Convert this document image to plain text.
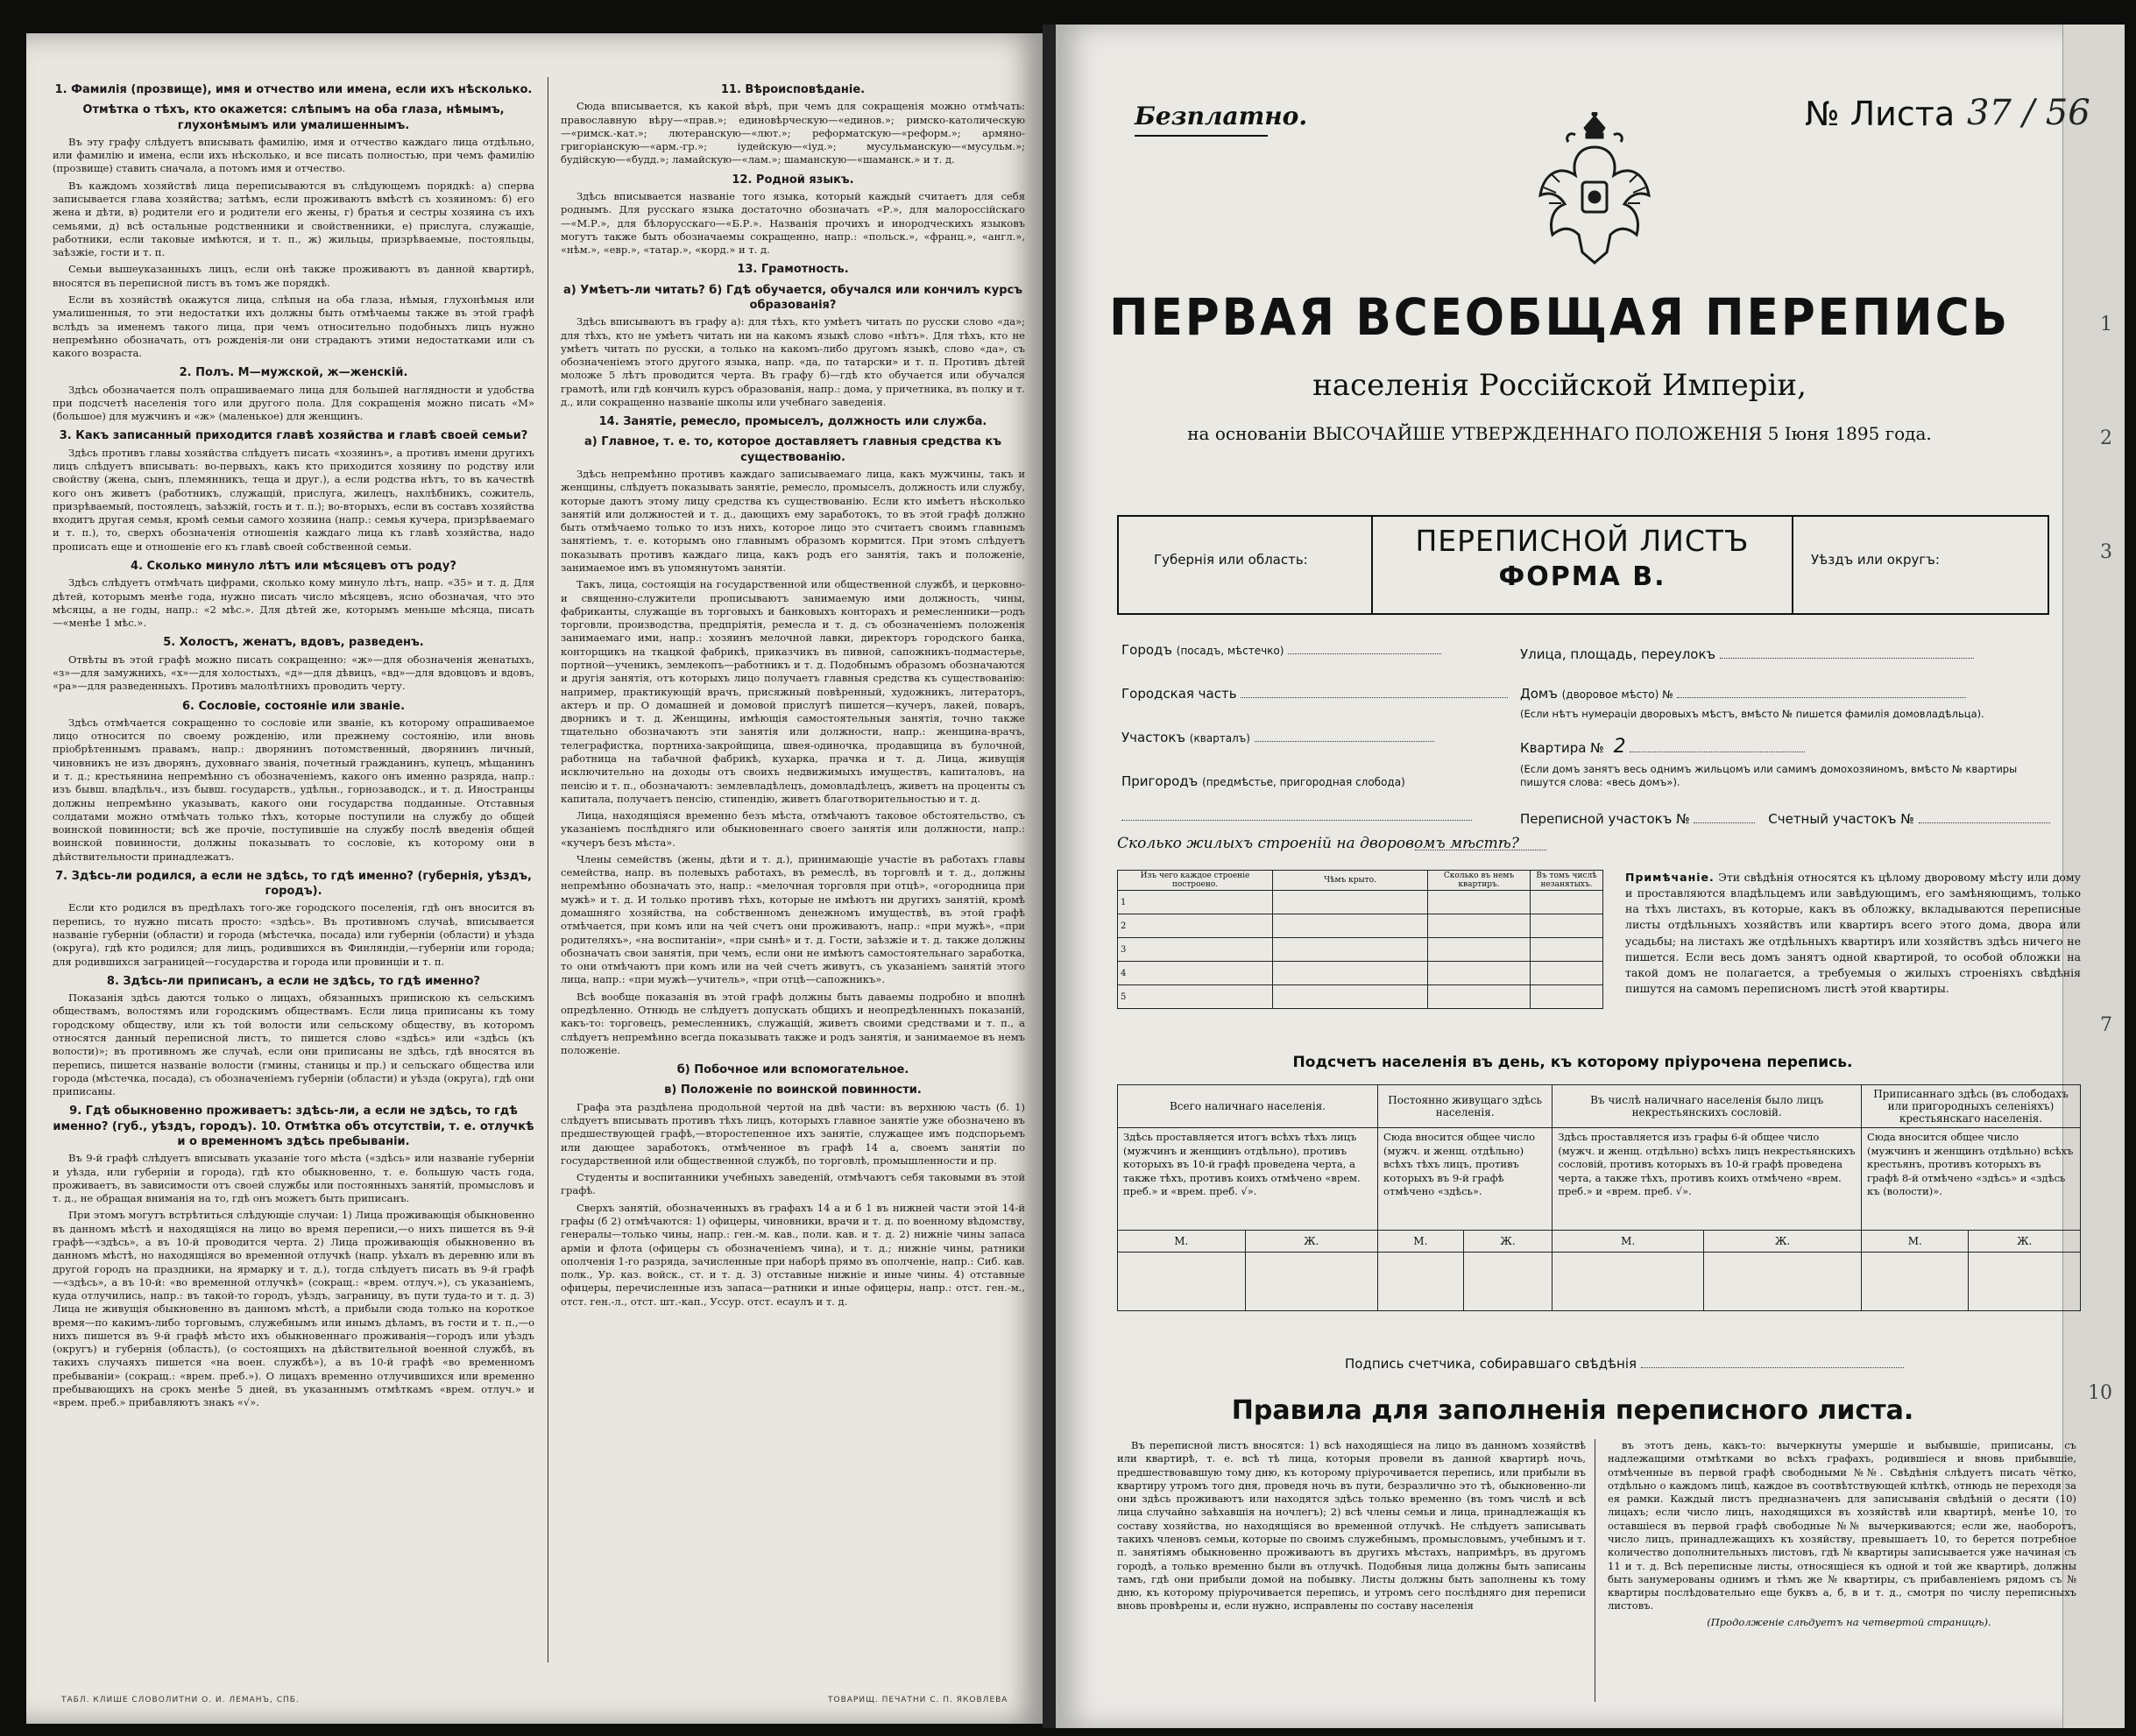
1. Фамилія (прозвище), имя и отчество или имена, если ихъ нѣсколько.
Отмѣтка о тѣхъ, кто окажется: слѣпымъ на оба глаза, нѣмымъ, глухонѣмымъ или умалишеннымъ.

Въ эту графу слѣдуетъ вписывать фамилію, имя и отчество каждаго лица отдѣльно, или фамилію и имена, если ихъ нѣсколько, и все писать полностью, при чемъ фамилію (прозвище) ставить сначала, а потомъ имя и отчество.

Въ каждомъ хозяйствѣ лица переписываются въ слѣдующемъ порядкѣ: а) сперва записывается глава хозяйства; затѣмъ, если проживаютъ вмѣстѣ съ хозяиномъ: б) его жена и дѣти, в) родители его и родители его жены, г) братья и сестры хозяина съ ихъ семьями, д) всѣ остальные родственники и свойственники, е) прислуга, служащіе, работники, если таковые имѣются, и т. п., ж) жильцы, призрѣваемые, постояльцы, заѣзжіе, гости и т. п.

Семьи вышеуказанныхъ лицъ, если онѣ также проживаютъ въ данной квартирѣ, вносятся въ переписной листъ въ томъ же порядкѣ.

Если въ хозяйствѣ окажутся лица, слѣпыя на оба глаза, нѣмыя, глухонѣмыя или умалишенныя, то эти недостатки ихъ должны быть отмѣчаемы также въ этой графѣ вслѣдъ за именемъ такого лица, при чемъ относительно подобныхъ лицъ нужно непремѣнно обозначать, отъ рожденія-ли они страдаютъ этими недостатками или съ какого возраста.

2. Полъ. М—мужской, ж—женскій.

Здѣсь обозначается полъ опрашиваемаго лица для большей наглядности и удобства при подсчетѣ населенія того или другого пола. Для сокращенія можно писать «М» (большое) для мужчинъ и «ж» (маленькое) для женщинъ.

3. Какъ записанный приходится главѣ хозяйства и главѣ своей семьи?

Здѣсь противъ главы хозяйства слѣдуетъ писать «хозяинъ», а противъ имени другихъ лицъ слѣдуетъ вписывать: во-первыхъ, какъ кто приходится хозяину по родству или свойству (жена, сынъ, племянникъ, теща и друг.), а если родства нѣтъ, то въ качествѣ кого онъ живетъ (работникъ, служащій, прислуга, жилецъ, нахлѣбникъ, сожитель, призрѣваемый, постоялецъ, заѣзжій, гость и т. п.); во-вторыхъ, если въ составъ хозяйства входитъ другая семья, кромѣ семьи самого хозяина (напр.: семья кучера, призрѣваемаго и т. п.), то, сверхъ обозначенія отношенія каждаго лица къ главѣ хозяйства, надо прописать еще и отношеніе его къ главѣ своей собственной семьи.

4. Сколько минуло лѣтъ или мѣсяцевъ отъ роду?

Здѣсь слѣдуетъ отмѣчать цифрами, сколько кому минуло лѣтъ, напр. «35» и т. д. Для дѣтей, которымъ менѣе года, нужно писать число мѣсяцевъ, ясно обозначая, что это мѣсяцы, а не годы, напр.: «2 мѣс.». Для дѣтей же, которымъ меньше мѣсяца, писать—«менѣе 1 мѣс.».

5. Холостъ, женатъ, вдовъ, разведенъ.

Отвѣты въ этой графѣ можно писать сокращенно: «ж»—для обозначенія женатыхъ, «з»—для замужнихъ, «х»—для холостыхъ, «д»—для дѣвицъ, «вд»—для вдовцовъ и вдовъ, «ра»—для разведенныхъ. Противъ малолѣтнихъ проводить черту.

6. Сословіе, состояніе или званіе.

Здѣсь отмѣчается сокращенно то сословіе или званіе, къ которому опрашиваемое лицо относится по своему рожденію, или прежнему состоянію, или вновь пріобрѣтеннымъ правамъ, напр.: дворянинъ потомственный, дворянинъ личный, чиновникъ не изъ дворянъ, духовнаго званія, почетный гражданинъ, купецъ, мѣщанинъ и т. д.; крестьянина непремѣнно съ обозначеніемъ, какого онъ именно разряда, напр.: изъ бывш. владѣльч., изъ бывш. государств., удѣльн., горнозаводск., и т. д. Иностранцы должны непремѣнно указывать, какого они государства подданные. Отставныя солдатами можно отмѣчать только тѣхъ, которые поступили на службу до общей воинской повинности; всѣ же прочіе, поступившіе на службу послѣ введенія общей воинской повинности, должны показывать то сословіе, къ которому они в дѣйствительности принадлежатъ.

7. Здѣсь-ли родился, а если не здѣсь, то гдѣ именно? (губернія, уѣздъ, городъ).

Если кто родился въ предѣлахъ того-же городского поселенія, гдѣ онъ вносится въ перепись, то нужно писать просто: «здѣсь». Въ противномъ случаѣ, вписывается названіе губерніи (области) и города (мѣстечка, посада) или губерніи (области) и уѣзда (округа), гдѣ кто родился; для лицъ, родившихся въ Финляндіи,—губерніи или города; для родившихся заграницей—государства и города или провинціи и т. п.

8. Здѣсь-ли приписанъ, а если не здѣсь, то гдѣ именно?

Показанія здѣсь даются только о лицахъ, обязанныхъ припискою къ сельскимъ обществамъ, волостямъ или городскимъ обществамъ. Если лица приписаны къ тому городскому обществу, или къ той волости или сельскому обществу, въ которомъ относятся данный переписной листъ, то пишется слово «здѣсь» или «здѣсь (къ волости)»; въ противномъ же случаѣ, если они приписаны не здѣсь, гдѣ вносятся въ перепись, пишется названіе волости (гмины, станицы и пр.) и сельскаго общества или города (мѣстечка, посада), съ обозначеніемъ губерніи (области) и уѣзда (округа), гдѣ они приписаны.

9. Гдѣ обыкновенно проживаетъ: здѣсь-ли, а если не здѣсь, то гдѣ именно? (губ., уѣздъ, городъ). 10. Отмѣтка объ отсутствіи, т. е. отлучкѣ и о временномъ здѣсь пребываніи.

Въ 9-й графѣ слѣдуетъ вписывать указаніе того мѣста («здѣсь» или названіе губерніи и уѣзда, или губерніи и города), гдѣ кто обыкновенно, т. е. большую часть года, проживаетъ, въ зависимости отъ своей службы или постоянныхъ занятій, промысловъ и т. д., не обращая вниманія на то, гдѣ онъ можетъ быть приписанъ.

При этомъ могутъ встрѣтиться слѣдующіе случаи: 1) Лица проживающія обыкновенно въ данномъ мѣстѣ и находящіяся на лицо во время переписи,—о нихъ пишется въ 9-й графѣ—«здѣсь», а въ 10-й проводится черта. 2) Лица проживающія обыкновенно въ данномъ мѣстѣ, но находящіяся во временной отлучкѣ (напр. уѣхалъ въ деревню или въ другой городъ на праздники, на ярмарку и т. д.), тогда слѣдуетъ писать въ 9-й графѣ—«здѣсь», а въ 10-й: «во временной отлучкѣ» (сокращ.: «врем. отлуч.»), съ указаніемъ, куда отлучились, напр.: въ такой-то городъ, уѣздъ, заграницу, въ пути туда-то и т. д. 3) Лица не живущія обыкновенно въ данномъ мѣстѣ, а прибыли сюда только на короткое время—по какимъ-либо торговымъ, служебнымъ или инымъ дѣламъ, въ гости и т. п.,—о нихъ пишется въ 9-й графѣ мѣсто ихъ обыкновеннаго проживанія—городъ или уѣздъ (округъ) и губернія (область), (о состоящихъ на дѣйствительной военной службѣ, въ такихъ случаяхъ пишется «на воен. службѣ»), а въ 10-й графѣ «во временномъ пребываніи» (сокращ.: «врем. преб.»). О лицахъ временно отлучившихся или временно пребывающихъ на срокъ менѣе 5 дней, въ указаннымъ отмѣткамъ «врем. отлуч.» и «врем. преб.» прибавляютъ знакъ «√».

11. Вѣроисповѣданіе.

Сюда вписывается, къ какой вѣрѣ, при чемъ для сокращенія можно отмѣчать: православную вѣру—«прав.»; единовѣрческую—«единов.»; римско-католическую—«римск.-кат.»; лютеранскую—«лют.»; реформатскую—«реформ.»; армяно-григоріанскую—«арм.-гр.»; іудейскую—«іуд.»; мусульманскую—«мусульм.»; будійскую—«будд.»; ламайскую—«лам.»; шаманскую—«шаманск.» и т. д.

12. Родной языкъ.

Здѣсь вписывается названіе того языка, который каждый считаетъ для себя роднымъ. Для русскаго языка достаточно обозначать «Р.», для малороссійскаго—«М.Р.», для бѣлорусскаго—«Б.Р.». Названія прочихъ и инородческихъ языковъ могутъ также быть обозначаемы сокращенно, напр.: «польск.», «франц.», «англ.», «нѣм.», «евр.», «татар.», «корд.» и т. д.

13. Грамотность.
а) Умѣетъ-ли читать? б) Гдѣ обучается, обучался или кончилъ курсъ образованія?

Здѣсь вписываютъ въ графу а): для тѣхъ, кто умѣетъ читать по русски слово «да»; для тѣхъ, кто не умѣетъ читать ни на какомъ языкѣ слово «нѣтъ». Для тѣхъ, кто не умѣетъ читать по русски, а только на какомъ-либо другомъ языкѣ, слово «да», съ обозначеніемъ этого другого языка, напр. «да, по татарски» и т. п. Противъ дѣтей моложе 5 лѣтъ проводится черта. Въ графу б)—гдѣ кто обучается или обучался грамотѣ, или гдѣ кончилъ курсъ образованія, напр.: дома, у причетника, въ полку и т. д., или сокращенно названіе школы или учебнаго заведенія.

14. Занятіе, ремесло, промыселъ, должность или служба.
а) Главное, т. е. то, которое доставляетъ главныя средства къ существованію.

Здѣсь непремѣнно противъ каждаго записываемаго лица, какъ мужчины, такъ и женщины, слѣдуетъ показывать занятіе, ремесло, промыселъ, должность или службу, которые даютъ этому лицу средства къ существованію. Если кто имѣетъ нѣсколько занятій или должностей и т. д., дающихъ ему заработокъ, то въ этой графѣ должно быть отмѣчаемо только то изъ нихъ, которое лицо это считаетъ своимъ главнымъ занятіемъ, т. е. которымъ оно главнымъ образомъ кормится. При этомъ слѣдуетъ показывать противъ каждаго лица, какъ родъ его занятія, такъ и положеніе, занимаемое имъ въ упомянутомъ занятіи.

Такъ, лица, состоящія на государственной или общественной службѣ, и церковно- и священно-служители прописываютъ занимаемую ими должность, чины, фабриканты, служащіе въ торговыхъ и банковыхъ конторахъ и ремесленники—родъ торговли, производства, предпріятія, ремесла и т. д. съ обозначеніемъ положенія занимаемаго ими, напр.: хозяинъ мелочной лавки, директоръ городского банка, конторщикъ на ткацкой фабрикѣ, приказчикъ въ пивной, сапожникъ-подмастерье, портной—ученикъ, землекопъ—работникъ и т. д. Подобнымъ образомъ обозначаются и другія занятія, отъ которыхъ лицо получаетъ главныя средства къ существованію: например, практикующій врачъ, присяжный повѣренный, художникъ, литераторъ, актеръ и пр. О домашней и домовой прислугѣ пишется—кучеръ, лакей, поваръ, дворникъ и т. д. Женщины, имѣющія самостоятельныя занятія, точно также тщательно обозначаютъ эти занятія или должности, напр.: женщина-врачъ, телеграфистка, портниха-закройщица, швея-одиночка, продавщица въ булочной, работница на табачной фабрикѣ, кухарка, прачка и т. д. Лица, живущія исключительно на доходы отъ своихъ недвижимыхъ имуществъ, капиталовъ, на пенсію и т. п., обозначаютъ: землевладѣлецъ, домовладѣлецъ, живетъ на проценты съ капитала, получаетъ пенсію, стипендію, живетъ благотворительностью и т. д.

Лица, находящіяся временно безъ мѣста, отмѣчаютъ таковое обстоятельство, съ указаніемъ послѣдняго или обыкновеннаго своего занятія или должности, напр.: «кучеръ безъ мѣста».

Члены семействъ (жены, дѣти и т. д.), принимающіе участіе въ работахъ главы семейства, напр. въ полевыхъ работахъ, въ ремеслѣ, въ торговлѣ и т. д., должны непремѣнно обозначать это, напр.: «мелочная торговля при отцѣ», «огородница при мужѣ» и т. д. И только противъ тѣхъ, которые не имѣютъ ни другихъ занятій, кромѣ домашняго хозяйства, на собственномъ денежномъ имуществѣ, въ этой графѣ отмѣчается, при комъ или на чей счетъ они проживаютъ, напр.: «при мужѣ», «при родителяхъ», «на воспитаніи», «при сынѣ» и т. д. Гости, заѣзжіе и т. д. также должны обозначать свои занятія, при чемъ, если они не имѣютъ самостоятельнаго заработка, то они отмѣчаютъ при комъ или на чей счетъ живутъ, съ указаніемъ занятій этого лица, напр.: «при мужѣ—учитель», «при отцѣ—сапожникъ».

Всѣ вообще показанія въ этой графѣ должны быть даваемы подробно и вполнѣ опредѣленно. Отнюдь не слѣдуетъ допускать общихъ и неопредѣленныхъ показаній, какъ-то: торговецъ, ремесленникъ, служащій, живетъ своими средствами и т. п., а слѣдуетъ непремѣнно всегда показывать также и родъ занятія, и занимаемое въ немъ положеніе.

б) Побочное или вспомогательное.
в) Положеніе по воинской повинности.

Графа эта раздѣлена продольной чертой на двѣ части: въ верхнюю часть (б. 1) слѣдуетъ вписывать противъ тѣхъ лицъ, которыхъ главное занятіе уже обозначено въ предшествующей графѣ,—второстепенное ихъ занятіе, служащее имъ подспорьемъ или дающее заработокъ, отмѣченное въ графѣ 14 а, своемъ занятіи по государственной или общественной службѣ, по торговлѣ, промышленности и пр.

Студенты и воспитанники учебныхъ заведеній, отмѣчаютъ себя таковыми въ этой графѣ.

Сверхъ занятій, обозначенныхъ въ графахъ 14 а и б 1 въ нижней части этой 14-й графы (б 2) отмѣчаются: 1) офицеры, чиновники, врачи и т. д. по военному вѣдомству, генералы—только чины, напр.: ген.-м. кав., поли. кав. и т. д. 2) нижніе чины запаса армiи и флота (офицеры съ обозначеніемъ чина), и т. д.; нижніе чины, ратники ополченія 1-го разряда, зачисленные при наборѣ прямо въ ополченіе, напр.: Сиб. кав. полк., Ур. каз. войск., ст. и т. д. 3) отставные нижніе и иные чины. 4) отставные офицеры, перечисленные изъ запаса—ратники и иные офицеры, напр.: отст. ген.-м., отст. ген.-л., отст. шт.-кап., Уссур. отст. есаулъ и т. д.

ТАБЛ. КЛИШЕ СЛОВОЛИТНИ О. И. ЛЕМАНЪ, СПБ.	ТОВАРИЩ. ПЕЧАТНИ С. П. ЯКОВЛЕВА
1
2
3
7
10
Безплатно.	№ Листа 37 / 56
ПЕРВАЯ ВСЕОБЩАЯ ПЕРЕПИСЬ
населенія Россійской Имперіи,
на основаніи ВЫСОЧАЙШЕ УТВЕРЖДЕННАГО ПОЛОЖЕНІЯ 5 Іюня 1895 года.
Губернія или область:
ПЕРЕПИСНОЙ ЛИСТЪ
ФОРМА В.
Уѣздъ или округъ:
Городъ (посадъ, мѣстечко)
Городская часть
Участокъ (кварталъ)
Пригородъ (предмѣстье, пригородная слобода)
Улица, площадь, переулокъ
Домъ (дворовое мѣсто) №
(Если нѣтъ нумераціи дворовыхъ мѣстъ, вмѣсто № пишется фамилія домовладѣльца).
Квартира № 2
(Если домъ занятъ весь однимъ жильцомъ или самимъ домохозяиномъ, вмѣсто № квартиры пишутся слова: «весь домъ»).
Переписной участокъ №	Счетный участокъ №
Сколько жилыхъ строеній на дворовомъ мѣстѣ?
Изъ чего каждое строеніе построено.	Чѣмъ крыто.	Сколько въ немъ квартиръ.	Въ томъ числѣ незанятыхъ.
1			
2			
3			
4			
5			
Примѣчаніе. Эти свѣдѣнія относятся къ цѣлому дворовому мѣсту или дому и проставляются владѣльцемъ или завѣдующимъ, его замѣняющимъ, только на тѣхъ листахъ, въ которые, какъ въ обложку, вкладываются переписные листы отдѣльныхъ хозяйствъ или квартиръ всего этого дома, двора или усадьбы; на листахъ же отдѣльныхъ квартиръ или хозяйствъ здѣсь ничего не пишется. Если весь домъ занятъ одной квартирой, то особой обложки на такой домъ не полагается, а требуемыя о жилыхъ строеніяхъ свѣдѣнія пишутся на самомъ переписномъ листѣ этой квартиры.
Подсчетъ населенія въ день, къ которому пріурочена перепись.
Всего наличнаго населенія.		Постоянно живущаго здѣсь населенія.		Въ числѣ наличнаго населенія было лицъ некрестьянскихъ сословій.		Приписаннаго здѣсь (въ слободахъ или пригородныхъ селеніяхъ) крестьянскаго населенія.	
Здѣсь проставляется итогъ всѣхъ тѣхъ лицъ (мужчинъ и женщинъ отдѣльно), противъ которыхъ въ 10-й графѣ проведена черта, а также тѣхъ, противъ коихъ отмѣчено «врем. преб.» и «врем. преб. √».		Сюда вносится общее число (мужч. и женщ. отдѣльно) всѣхъ тѣхъ лицъ, противъ которыхъ въ 9-й графѣ отмѣчено «здѣсь».		Здѣсь проставляется изъ графы 6-й общее число (мужч. и женщ. отдѣльно) всѣхъ лицъ некрестьянскихъ сословій, противъ которыхъ въ 10-й графѣ проведена черта, а также тѣхъ, противъ коихъ отмѣчено «врем. преб.» и «врем. преб. √».		Сюда вносится общее число (мужчинъ и женщинъ отдѣльно) всѣхъ крестьянъ, противъ которыхъ въ графѣ 8-й отмѣчено «здѣсь» и «здѣсь къ (волости)».	
М.	Ж.	М.	Ж.	М.	Ж.	М.	Ж.

Подпись счетчика, собиравшаго свѣдѣнія
Правила для заполненія переписного листа.

Въ переписной листъ вносятся: 1) всѣ находящіеся на лицо въ данномъ хозяйствѣ или квартирѣ, т. е. всѣ тѣ лица, которыя провели въ данной квартирѣ ночь, предшествовавшую тому дню, къ которому пріурочивается перепись, или прибыли въ квартиру утромъ того дня, проведя ночь въ пути, безразлично это тѣ, обыкновенно-ли они здѣсь проживаютъ или находятся здѣсь только временно (въ томъ числѣ и всѣ лица случайно заѣхавшія на ночлегъ); 2) всѣ члены семьи и лица, принадлежащія къ составу хозяйства, но находящіяся во временной отлучкѣ. Не слѣдуетъ записывать такихъ членовъ семьи, которые по своимъ служебнымъ, промысловымъ, учебнымъ и т. п. занятіямъ обыкновенно проживаютъ въ другихъ мѣстахъ, напримѣръ, въ другомъ городѣ, а только временно были въ отлучкѣ. Подобныя лица должны быть записаны тамъ, гдѣ они прибыли домой на побывку. Листы должны быть заполнены къ тому дню, къ которому пріурочивается перепись, и утромъ сего послѣдняго дня переписи вновь провѣрены и, если нужно, исправлены по составу населенія

въ этотъ день, какъ-то: вычеркнуты умершіе и выбывшіе, приписаны, съ надлежащими отмѣтками во всѣхъ графахъ, родившіеся и вновь прибывшіе, отмѣченные въ первой графѣ свободными №№. Свѣдѣнія слѣдуетъ писать чётко, отдѣльно о каждомъ лицѣ, каждое въ соотвѣтствующей клѣткѣ, отнюдь не переходя за ея рамки. Каждый листъ предназначенъ для записыванія свѣдѣній о десяти (10) лицахъ; если число лицъ, находящихся въ хозяйствѣ или квартирѣ, менѣе 10, то оставшіеся въ первой графѣ свободные №№ вычеркиваются; если же, наоборотъ, число лицъ, принадлежащихъ къ хозяйству, превышаетъ 10, то берется потребное количество дополнительныхъ листовъ, гдѣ № квартиры записывается уже начиная съ 11 и т. д. Всѣ переписные листы, относящіеся къ одной и той же квартирѣ, должны быть занумерованы однимъ и тѣмъ же № квартиры, съ прибавленіемъ рядомъ съ № квартиры послѣдовательно еще буквъ а, б, в и т. д., смотря по числу переписныхъ листовъ.

(Продолженіе слѣдуетъ на четвертой страницѣ).
